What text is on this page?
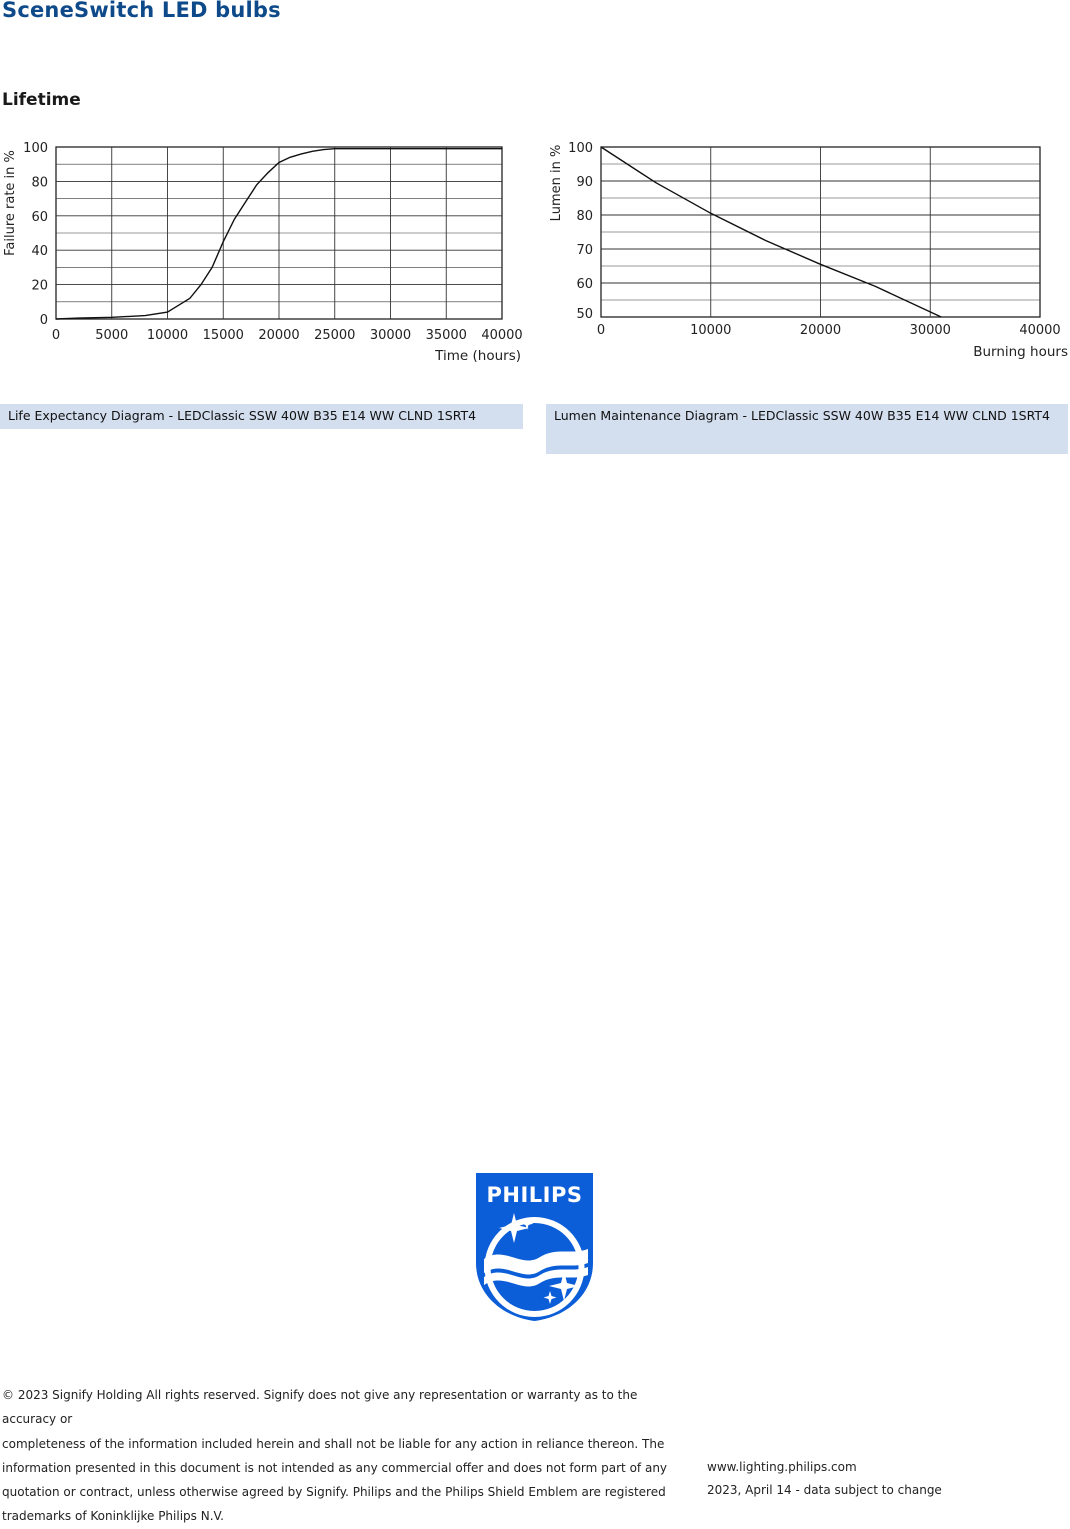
SceneSwitch LED bulbs
Lifetime
100
80
60
40
20
0
0	5000 10000 15000 20000 25000 30000 35000 40000
Failure rate in %
Time (hours)
100
90
80
70
60
50
0	10000	20000	30000	40000
Lumen in %
Burning hours
Life Expectancy Diagram - LEDClassic SSW 40W B35 E14 WW CLND 1SRT4	Lumen Maintenance Diagram - LEDClassic SSW 40W B35 E14 WW CLND 1SRT4
PHILIPS
© 2023 Signify Holding All rights reserved. Signify does not give any representation or warranty as to the accuracy or
completeness of the information included herein and shall not be liable for any action in reliance thereon. The
information presented in this document is not intended as any commercial offer and does not form part of any
quotation or contract, unless otherwise agreed by Signify. Philips and the Philips Shield Emblem are registered
trademarks of Koninklijke Philips N.V.
www.lighting.philips.com
2023, April 14 - data subject to change
